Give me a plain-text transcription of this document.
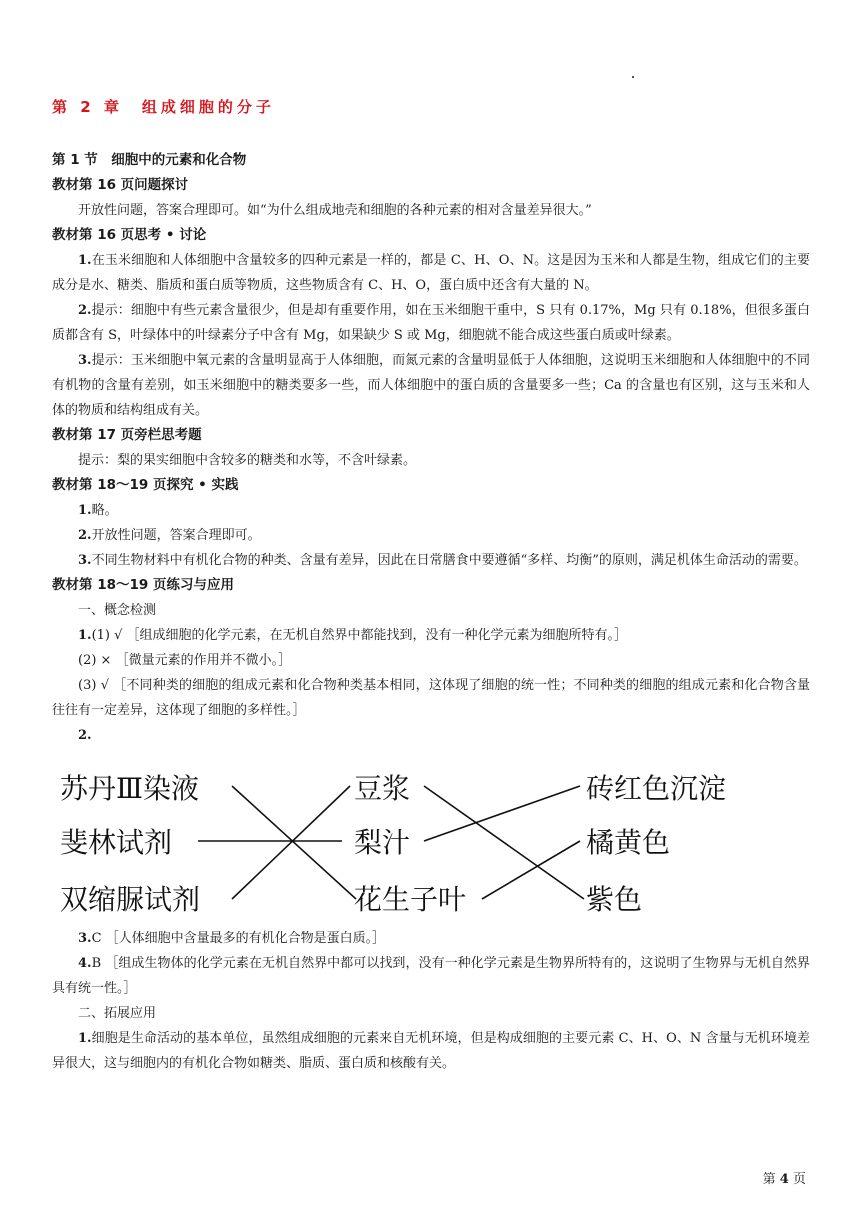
第 2 章　组成细胞的分子
第 1 节　细胞中的元素和化合物
教材第 16 页问题探讨

开放性问题，答案合理即可。如“为什么组成地壳和细胞的各种元素的相对含量差异很大。”

教材第 16 页思考 • 讨论

1.在玉米细胞和人体细胞中含量较多的四种元素是一样的，都是 C、H、O、N。这是因为玉米和人都是生物，组成它们的主要成分是水、糖类、脂质和蛋白质等物质，这些物质含有 C、H、O，蛋白质中还含有大量的 N。

2.提示：细胞中有些元素含量很少，但是却有重要作用，如在玉米细胞干重中，S 只有 0.17%，Mg 只有 0.18%，但很多蛋白质都含有 S，叶绿体中的叶绿素分子中含有 Mg，如果缺少 S 或 Mg，细胞就不能合成这些蛋白质或叶绿素。

3.提示：玉米细胞中氧元素的含量明显高于人体细胞，而氮元素的含量明显低于人体细胞，这说明玉米细胞和人体细胞中的不同有机物的含量有差别，如玉米细胞中的糖类要多一些，而人体细胞中的蛋白质的含量要多一些；Ca 的含量也有区别，这与玉米和人体的物质和结构组成有关。

教材第 17 页旁栏思考题

提示：梨的果实细胞中含较多的糖类和水等，不含叶绿素。

教材第 18～19 页探究 • 实践

1.略。

2.开放性问题，答案合理即可。

3.不同生物材料中有机化合物的种类、含量有差异，因此在日常膳食中要遵循“多样、均衡”的原则，满足机体生命活动的需要。

教材第 18～19 页练习与应用

一、概念检测

1.(1) √ ［组成细胞的化学元素，在无机自然界中都能找到，没有一种化学元素为细胞所特有。］

(2) × ［微量元素的作用并不微小。］

(3) √ ［不同种类的细胞的组成元素和化合物种类基本相同，这体现了细胞的统一性；不同种类的细胞的组成元素和化合物含量往往有一定差异，这体现了细胞的多样性。］

2.

苏丹Ⅲ染液
斐林试剂
双缩脲试剂
豆浆
梨汁
花生子叶
砖红色沉淀
橘黄色
紫色

3.C ［人体细胞中含量最多的有机化合物是蛋白质。］

4.B ［组成生物体的化学元素在无机自然界中都可以找到，没有一种化学元素是生物界所特有的，这说明了生物界与无机自然界具有统一性。］

二、拓展应用

1.细胞是生命活动的基本单位，虽然组成细胞的元素来自无机环境，但是构成细胞的主要元素 C、H、O、N 含量与无机环境差异很大，这与细胞内的有机化合物如糖类、脂质、蛋白质和核酸有关。

第 4 页
